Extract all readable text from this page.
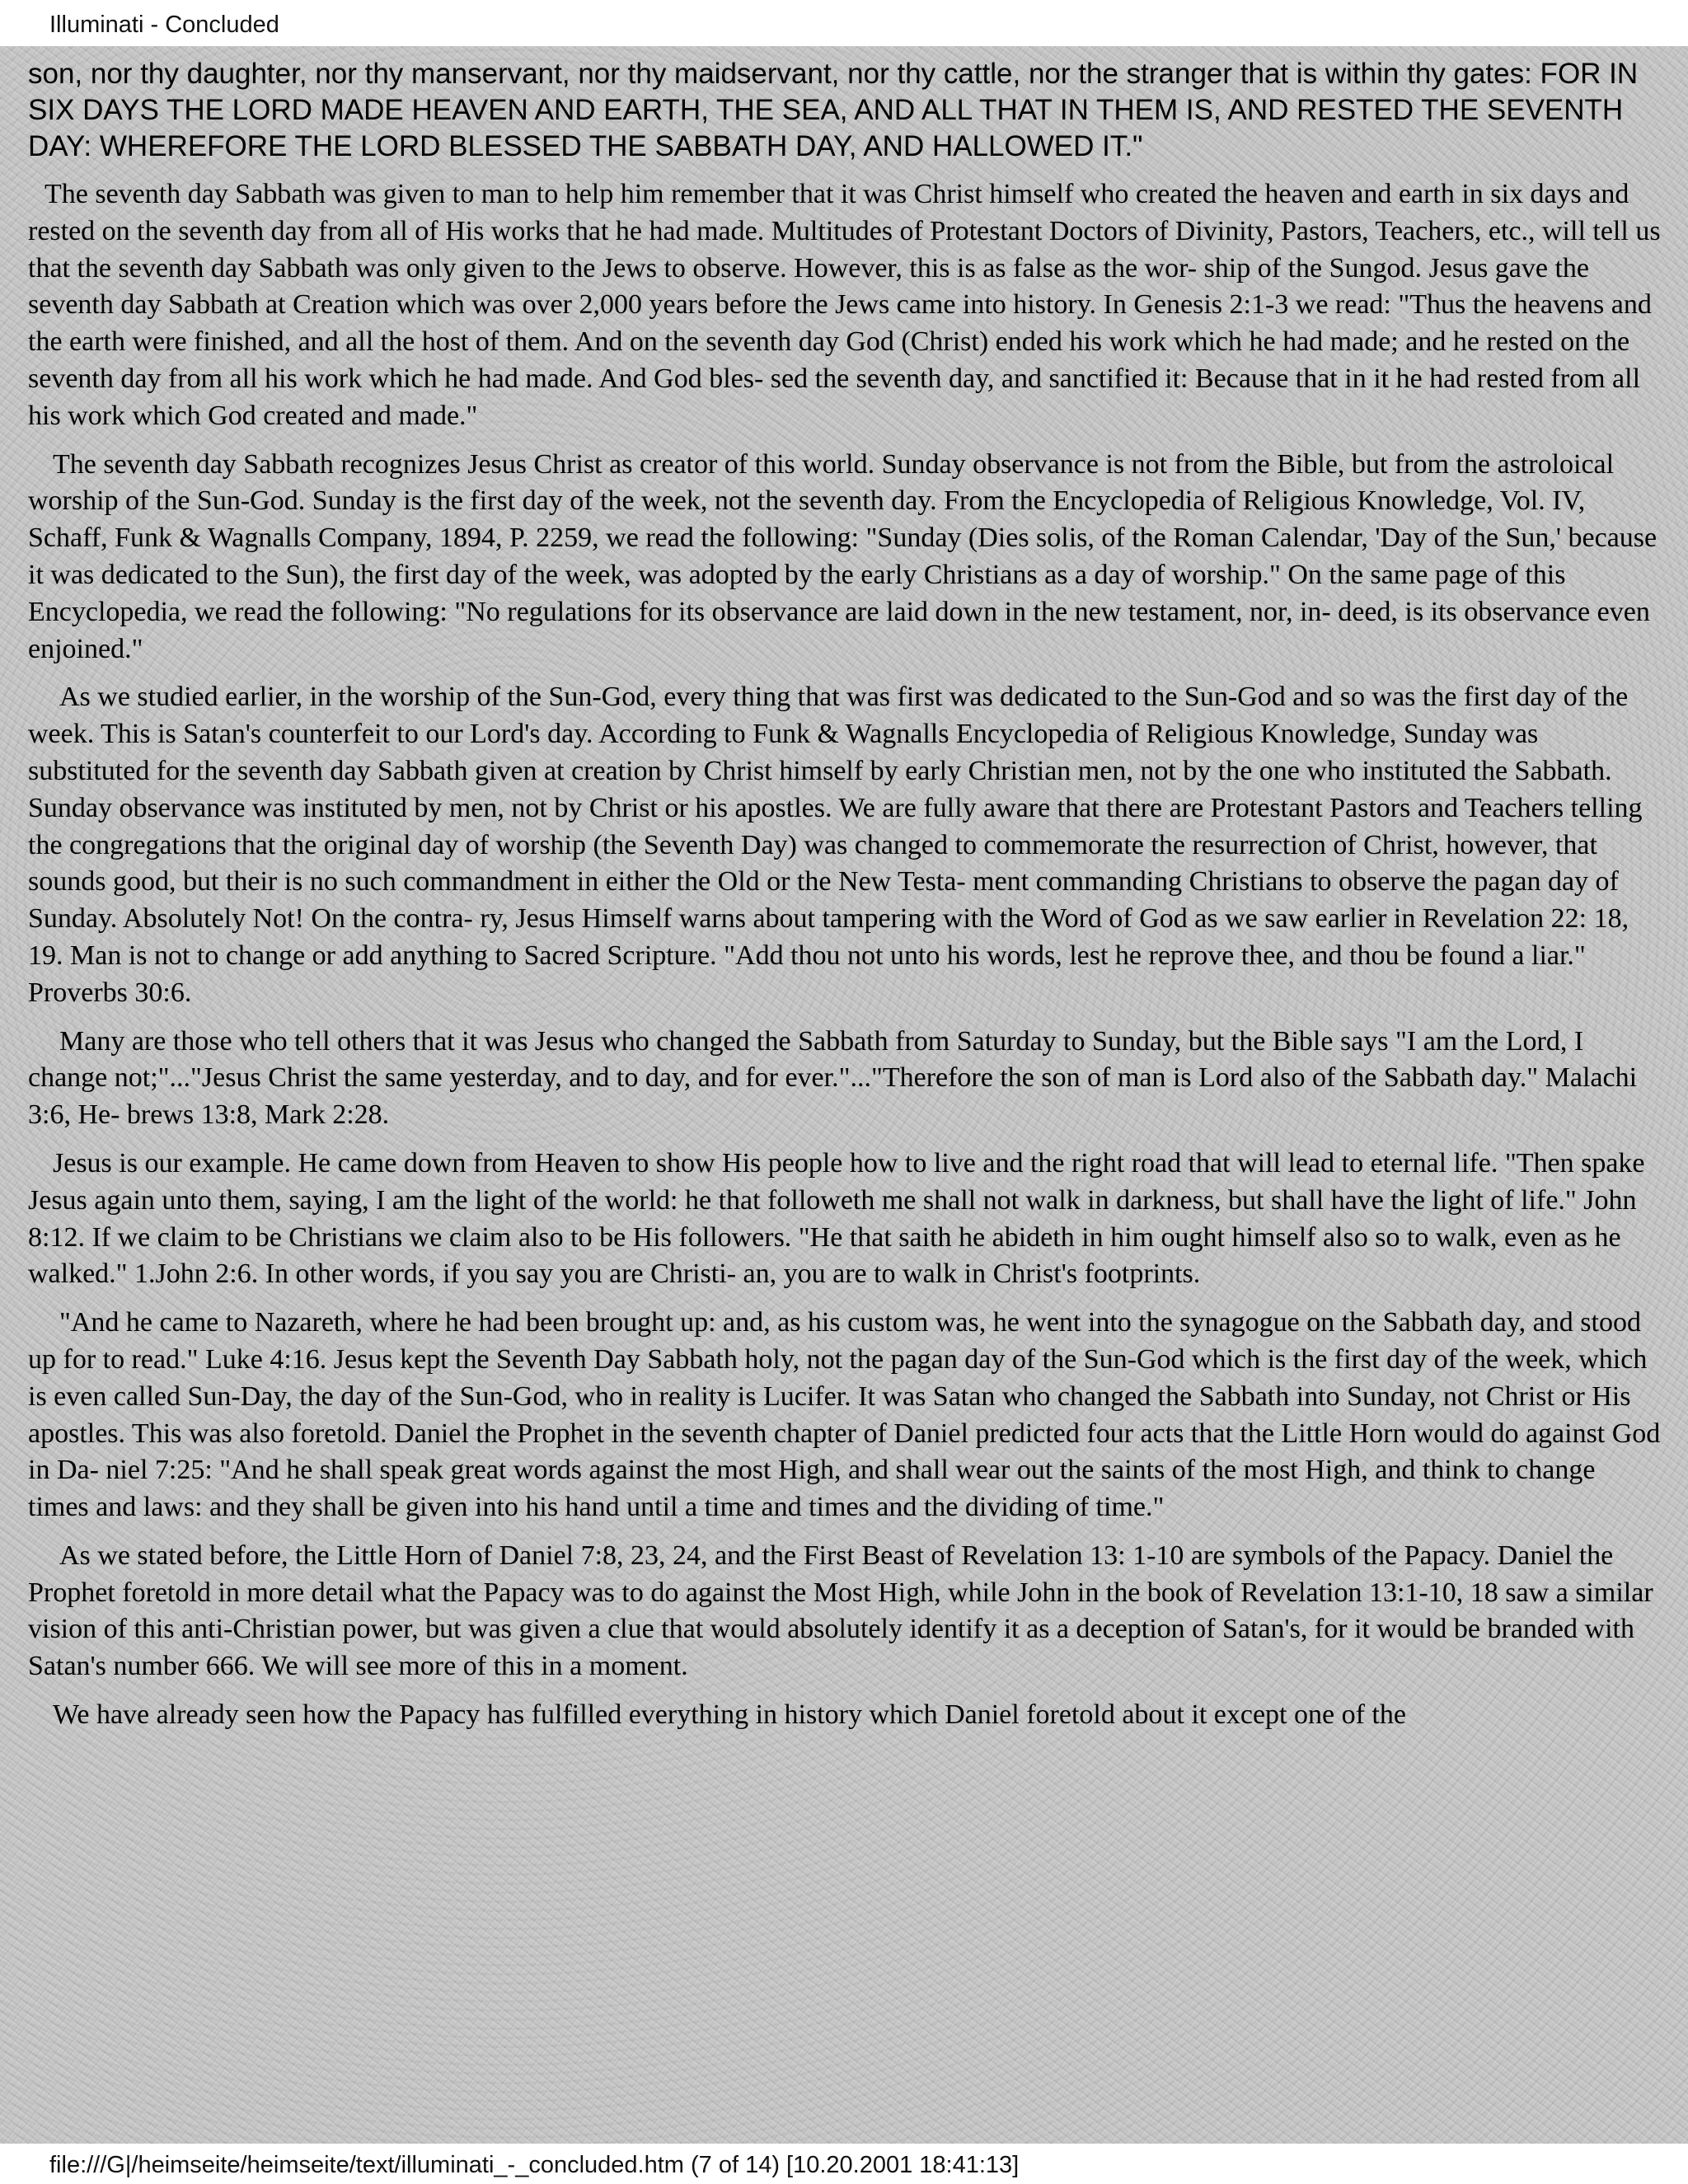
Illuminati - Concluded

son, nor thy daughter, nor thy manservant, nor thy maidservant, nor thy cattle, nor the stranger that is within thy gates: FOR IN SIX DAYS THE LORD MADE HEAVEN AND EARTH, THE SEA, AND ALL THAT IN THEM IS, AND RESTED THE SEVENTH DAY: WHEREFORE THE LORD BLESSED THE SABBATH DAY, AND HALLOWED IT."

The seventh day Sabbath was given to man to help him remember that it was Christ himself who created the heaven and earth in six days and rested on the seventh day from all of His works that he had made. Multitudes of Protestant Doctors of Divinity, Pastors, Teachers, etc., will tell us that the seventh day Sabbath was only given to the Jews to observe. However, this is as false as the wor- ship of the Sungod. Jesus gave the seventh day Sabbath at Creation which was over 2,000 years before the Jews came into history. In Genesis 2:1-3 we read: "Thus the heavens and the earth were finished, and all the host of them. And on the seventh day God (Christ) ended his work which he had made; and he rested on the seventh day from all his work which he had made. And God bles- sed the seventh day, and sanctified it: Because that in it he had rested from all his work which God created and made."

The seventh day Sabbath recognizes Jesus Christ as creator of this world. Sunday observance is not from the Bible, but from the astroloical worship of the Sun-God. Sunday is the first day of the week, not the seventh day. From the Encyclopedia of Religious Knowledge, Vol. IV, Schaff, Funk & Wagnalls Company, 1894, P. 2259, we read the following: "Sunday (Dies solis, of the Roman Calendar, 'Day of the Sun,' because it was dedicated to the Sun), the first day of the week, was adopted by the early Christians as a day of worship." On the same page of this Encyclopedia, we read the following: "No regulations for its observance are laid down in the new testament, nor, in- deed, is its observance even enjoined."

As we studied earlier, in the worship of the Sun-God, every thing that was first was dedicated to the Sun-God and so was the first day of the week. This is Satan's counterfeit to our Lord's day. According to Funk & Wagnalls Encyclopedia of Religious Knowledge, Sunday was substituted for the seventh day Sabbath given at creation by Christ himself by early Christian men, not by the one who instituted the Sabbath. Sunday observance was instituted by men, not by Christ or his apostles. We are fully aware that there are Protestant Pastors and Teachers telling the congregations that the original day of worship (the Seventh Day) was changed to commemorate the resurrection of Christ, however, that sounds good, but their is no such commandment in either the Old or the New Testa- ment commanding Christians to observe the pagan day of Sunday. Absolutely Not! On the contra- ry, Jesus Himself warns about tampering with the Word of God as we saw earlier in Revelation 22: 18, 19. Man is not to change or add anything to Sacred Scripture. "Add thou not unto his words, lest he reprove thee, and thou be found a liar." Proverbs 30:6.

Many are those who tell others that it was Jesus who changed the Sabbath from Saturday to Sunday, but the Bible says "I am the Lord, I change not;"..."Jesus Christ the same yesterday, and to day, and for ever."..."Therefore the son of man is Lord also of the Sabbath day." Malachi 3:6, He- brews 13:8, Mark 2:28.

Jesus is our example. He came down from Heaven to show His people how to live and the right road that will lead to eternal life. "Then spake Jesus again unto them, saying, I am the light of the world: he that followeth me shall not walk in darkness, but shall have the light of life." John 8:12. If we claim to be Christians we claim also to be His followers. "He that saith he abideth in him ought himself also so to walk, even as he walked." 1.John 2:6. In other words, if you say you are Christi- an, you are to walk in Christ's footprints.

"And he came to Nazareth, where he had been brought up: and, as his custom was, he went into the synagogue on the Sabbath day, and stood up for to read." Luke 4:16. Jesus kept the Seventh Day Sabbath holy, not the pagan day of the Sun-God which is the first day of the week, which is even called Sun-Day, the day of the Sun-God, who in reality is Lucifer. It was Satan who changed the Sabbath into Sunday, not Christ or His apostles. This was also foretold. Daniel the Prophet in the seventh chapter of Daniel predicted four acts that the Little Horn would do against God in Da- niel 7:25: "And he shall speak great words against the most High, and shall wear out the saints of the most High, and think to change times and laws: and they shall be given into his hand until a time and times and the dividing of time."

As we stated before, the Little Horn of Daniel 7:8, 23, 24, and the First Beast of Revelation 13: 1-10 are symbols of the Papacy. Daniel the Prophet foretold in more detail what the Papacy was to do against the Most High, while John in the book of Revelation 13:1-10, 18 saw a similar vision of this anti-Christian power, but was given a clue that would absolutely identify it as a deception of Satan's, for it would be branded with Satan's number 666. We will see more of this in a moment.

We have already seen how the Papacy has fulfilled everything in history which Daniel foretold about it except one of the

file:///G|/heimseite/heimseite/text/illuminati_-_concluded.htm (7 of 14) [10.20.2001 18:41:13]
